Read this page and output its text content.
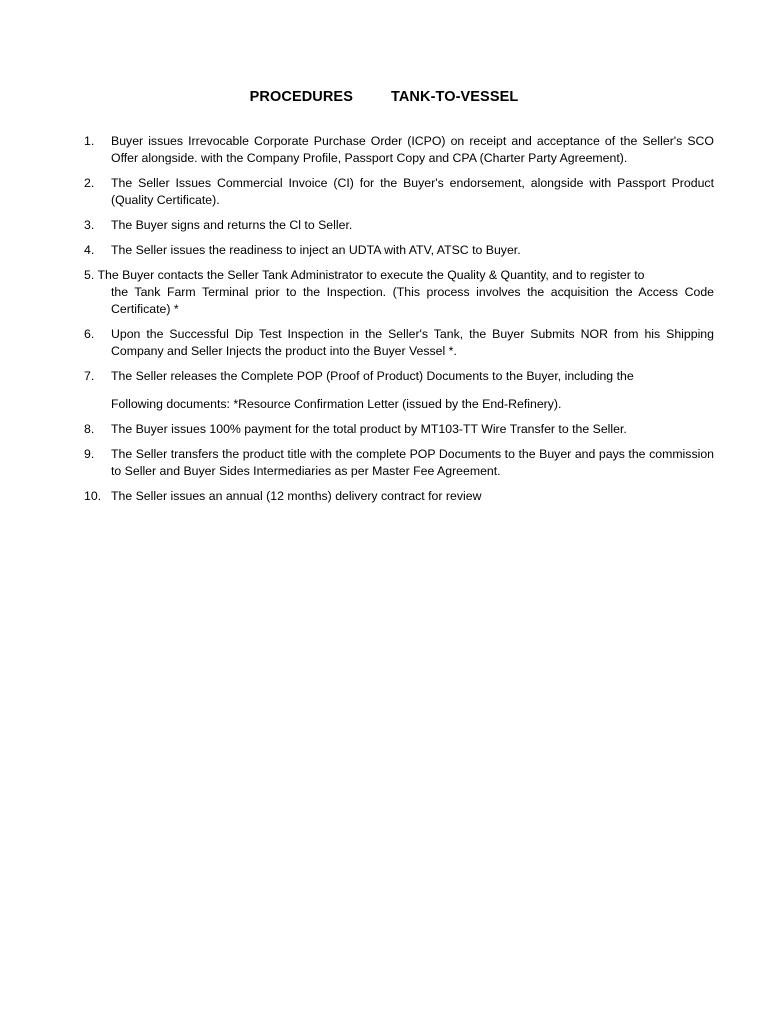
PROCEDURES	TANK-TO-VESSEL
1. Buyer issues Irrevocable Corporate Purchase Order (ICPO) on receipt and acceptance of the Seller's SCO Offer alongside. with the Company Profile, Passport Copy and CPA (Charter Party Agreement).
2. The Seller Issues Commercial Invoice (CI) for the Buyer's endorsement, alongside with Passport Product (Quality Certificate).
3. The Buyer signs and returns the Cl to Seller.
4. The Seller issues the readiness to inject an UDTA with ATV, ATSC to Buyer.
5. The Buyer contacts the Seller Tank Administrator to execute the Quality & Quantity, and to register to
the Tank Farm Terminal prior to the Inspection. (This process involves the acquisition the Access Code Certificate) *
6. Upon the Successful Dip Test Inspection in the Seller's Tank, the Buyer Submits NOR from his Shipping Company and Seller Injects the product into the Buyer Vessel *.
7. The Seller releases the Complete POP (Proof of Product) Documents to the Buyer, including the
Following documents: *Resource Confirmation Letter (issued by the End-Refinery).
8. The Buyer issues 100% payment for the total product by MT103-TT Wire Transfer to the Seller.
9. The Seller transfers the product title with the complete POP Documents to the Buyer and pays the commission to Seller and Buyer Sides Intermediaries as per Master Fee Agreement.
10. The Seller issues an annual (12 months) delivery contract for review
